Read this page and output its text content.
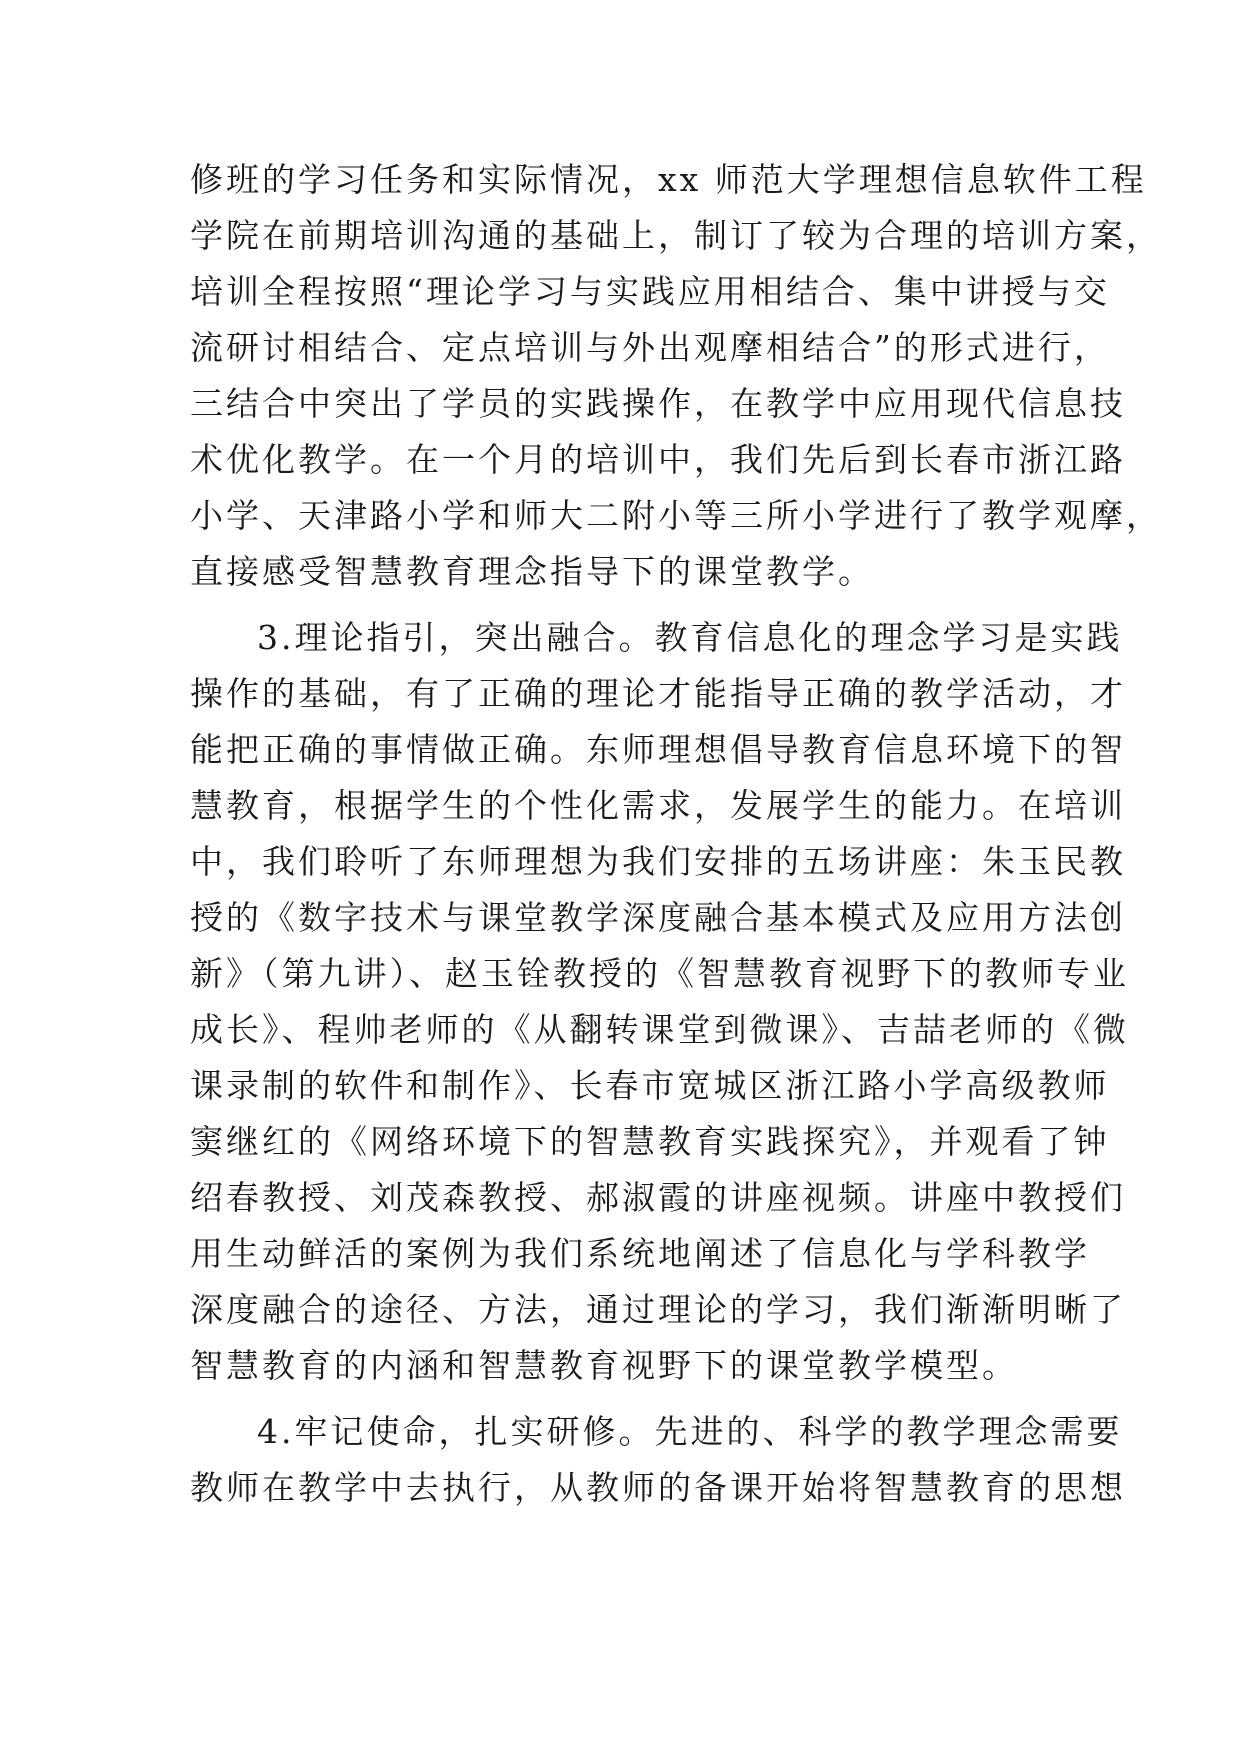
修班的学习任务和实际情况，xx 师范大学理想信息软件工程
学院在前期培训沟通的基础上，制订了较为合理的培训方案，
培训全程按照“理论学习与实践应用相结合、集中讲授与交
流研讨相结合、定点培训与外出观摩相结合”的形式进行，
三结合中突出了学员的实践操作，在教学中应用现代信息技
术优化教学。在一个月的培训中，我们先后到长春市浙江路
小学、天津路小学和师大二附小等三所小学进行了教学观摩，
直接感受智慧教育理念指导下的课堂教学。
3.理论指引，突出融合。教育信息化的理念学习是实践
操作的基础，有了正确的理论才能指导正确的教学活动，才
能把正确的事情做正确。东师理想倡导教育信息环境下的智
慧教育，根据学生的个性化需求，发展学生的能力。在培训
中，我们聆听了东师理想为我们安排的五场讲座：朱玉民教
授的《数字技术与课堂教学深度融合基本模式及应用方法创
新》（第九讲）、赵玉铨教授的《智慧教育视野下的教师专业
成长》、程帅老师的《从翻转课堂到微课》、吉喆老师的《微
课录制的软件和制作》、长春市宽城区浙江路小学高级教师
窦继红的《网络环境下的智慧教育实践探究》，并观看了钟
绍春教授、刘茂森教授、郝淑霞的讲座视频。讲座中教授们
用生动鲜活的案例为我们系统地阐述了信息化与学科教学
深度融合的途径、方法，通过理论的学习，我们渐渐明晰了
智慧教育的内涵和智慧教育视野下的课堂教学模型。
4.牢记使命，扎实研修。先进的、科学的教学理念需要
教师在教学中去执行，从教师的备课开始将智慧教育的思想
